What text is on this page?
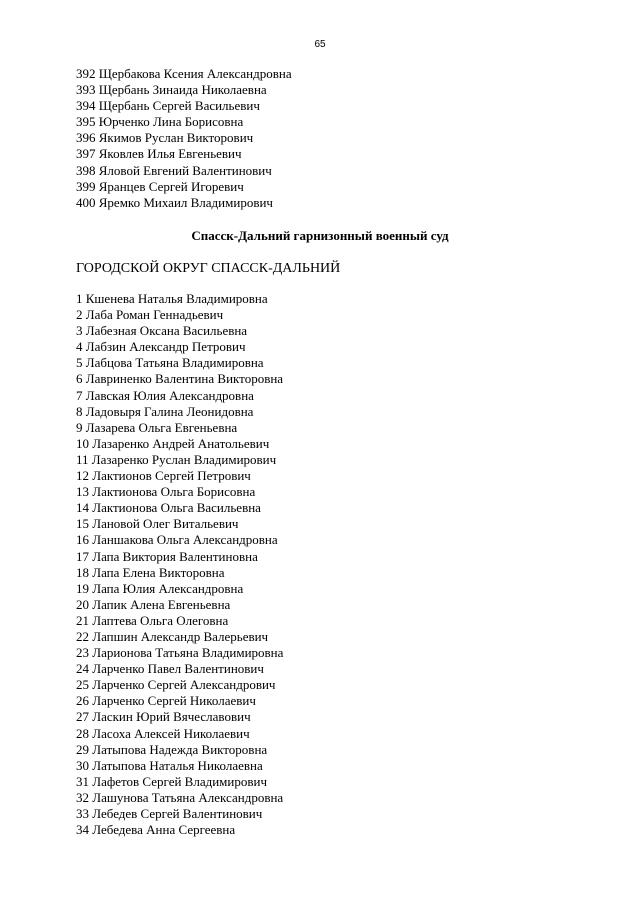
65
392 Щербакова Ксения Александровна
393 Щербань Зинаида Николаевна
394 Щербань Сергей Васильевич
395 Юрченко Лина Борисовна
396 Якимов Руслан Викторович
397 Яковлев Илья Евгеньевич
398 Яловой Евгений Валентинович
399 Яранцев Сергей Игоревич
400 Яремко Михаил Владимирович
Спасск-Дальний гарнизонный военный суд
ГОРОДСКОЙ ОКРУГ СПАССК-ДАЛЬНИЙ
1 Кшенева Наталья Владимировна
2 Лаба Роман Геннадьевич
3 Лабезная Оксана Васильевна
4 Лабзин Александр Петрович
5 Лабцова Татьяна Владимировна
6 Лавриненко Валентина Викторовна
7 Лавская Юлия Александровна
8 Ладовыря Галина Леонидовна
9 Лазарева Ольга Евгеньевна
10 Лазаренко Андрей Анатольевич
11 Лазаренко Руслан Владимирович
12 Лактионов Сергей Петрович
13 Лактионова Ольга Борисовна
14 Лактионова Ольга Васильевна
15 Лановой Олег Витальевич
16 Ланшакова Ольга Александровна
17 Лапа Виктория Валентиновна
18 Лапа Елена Викторовна
19 Лапа Юлия Александровна
20 Лапик Алена Евгеньевна
21 Лаптева Ольга Олеговна
22 Лапшин Александр Валерьевич
23 Ларионова Татьяна Владимировна
24 Ларченко Павел Валентинович
25 Ларченко Сергей Александрович
26 Ларченко Сергей Николаевич
27 Ласкин Юрий Вячеславович
28 Ласоха Алексей Николаевич
29 Латыпова Надежда Викторовна
30 Латыпова Наталья Николаевна
31 Лафетов Сергей Владимирович
32 Лашунова Татьяна Александровна
33 Лебедев Сергей Валентинович
34 Лебедева Анна Сергеевна
